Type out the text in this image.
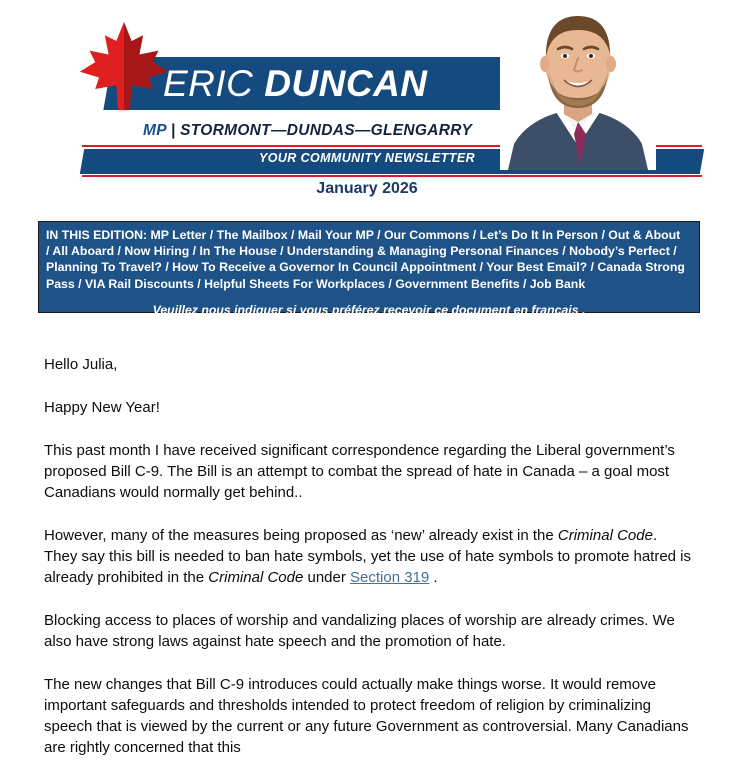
ERIC DUNCAN
MP | STORMONT—DUNDAS—GLENGARRY
YOUR COMMUNITY NEWSLETTER
January 2026
IN THIS EDITION: MP Letter / The Mailbox / Mail Your MP / Our Commons / Let’s Do It In Person / Out & About
/ All Aboard / Now Hiring / In The House / Understanding & Managing Personal Finances / Nobody’s Perfect /
Planning To Travel? / How To Receive a Governor In Council Appointment / Your Best Email? / Canada Strong
Pass / VIA Rail Discounts / Helpful Sheets For Workplaces / Government Benefits / Job Bank
Veuillez nous indiquer si vous préférez recevoir ce document en français .

Hello Julia,

Happy New Year!

This past month I have received significant correspondence regarding the Liberal government’s proposed Bill C-9. The Bill is an attempt to combat the spread of hate in Canada – a goal most Canadians would normally get behind..

However, many of the measures being proposed as ‘new’ already exist in the Criminal Code. They say this bill is needed to ban hate symbols, yet the use of hate symbols to promote hatred is already prohibited in the Criminal Code under Section 319 .

Blocking access to places of worship and vandalizing places of worship are already crimes. We also have strong laws against hate speech and the promotion of hate.

The new changes that Bill C-9 introduces could actually make things worse. It would remove important safeguards and thresholds intended to protect freedom of religion by criminalizing speech that is viewed by the current or any future Government as controversial. Many Canadians are rightly concerned that this
